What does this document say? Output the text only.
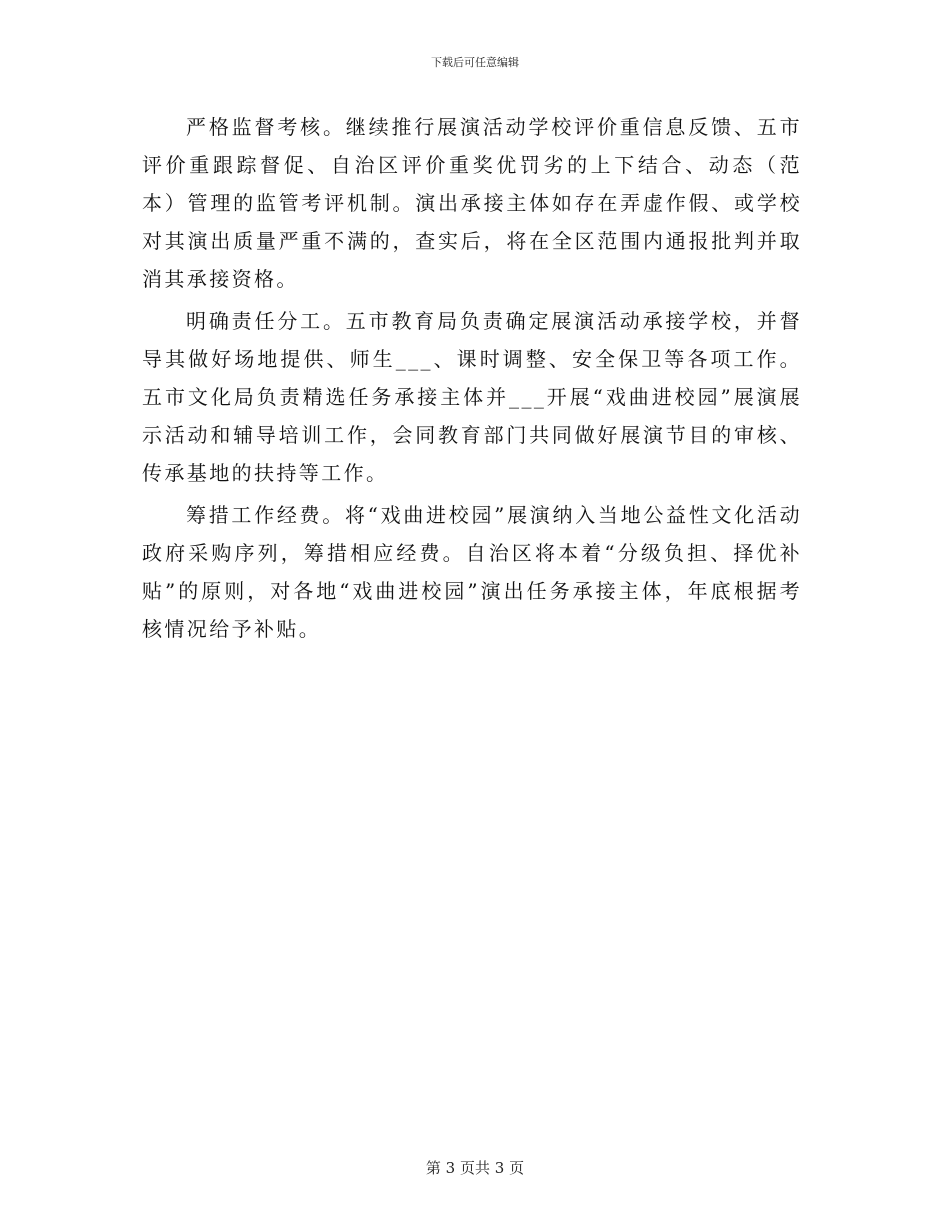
下载后可任意编辑

严格监督考核。继续推行展演活动学校评价重信息反馈、五市评价重跟踪督促、自治区评价重奖优罚劣的上下结合、动态（范本）管理的监管考评机制。演出承接主体如存在弄虚作假、或学校对其演出质量严重不满的，查实后，将在全区范围内通报批判并取消其承接资格。

明确责任分工。五市教育局负责确定展演活动承接学校，并督导其做好场地提供、师生___、课时调整、安全保卫等各项工作。五市文化局负责精选任务承接主体并___开展“戏曲进校园”展演展示活动和辅导培训工作，会同教育部门共同做好展演节目的审核、传承基地的扶持等工作。

筹措工作经费。将“戏曲进校园”展演纳入当地公益性文化活动政府采购序列，筹措相应经费。自治区将本着“分级负担、择优补贴”的原则，对各地“戏曲进校园”演出任务承接主体，年底根据考核情况给予补贴。

第 3 页共 3 页
